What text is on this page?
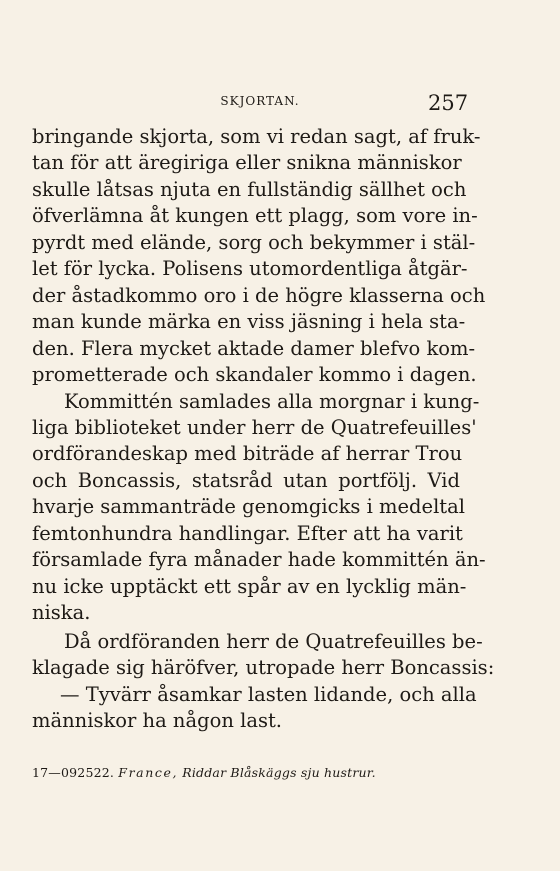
SKJORTAN.	257
bringande skjorta, som vi redan sagt, af fruk-
tan för att äregiriga eller snikna människor
skulle låtsas njuta en fullständig sällhet och
öfverlämna åt kungen ett plagg, som vore in-
pyrdt med elände, sorg och bekymmer i stäl-
let för lycka. Polisens utomordentliga åtgär-
der åstadkommo oro i de högre klasserna och
man kunde märka en viss jäsning i hela sta-
den. Flera mycket aktade damer blefvo kom-
prometterade och skandaler kommo i dagen.
Kommittén samlades alla morgnar i kung-
liga biblioteket under herr de Quatrefeuilles'
ordförandeskap med biträde af herrar Trou
och Boncassis, statsråd utan portfölj. Vid
hvarje sammanträde genomgicks i medeltal
femtonhundra handlingar. Efter att ha varit
församlade fyra månader hade kommittén än-
nu icke upptäckt ett spår av en lycklig män-
niska.
Då ordföranden herr de Quatrefeuilles be-
klagade sig häröfver, utropade herr Boncassis:
— Tyvärr åsamkar lasten lidande, och alla
människor ha någon last.
17—092522. France, Riddar Blåskäggs sju hustrur.
